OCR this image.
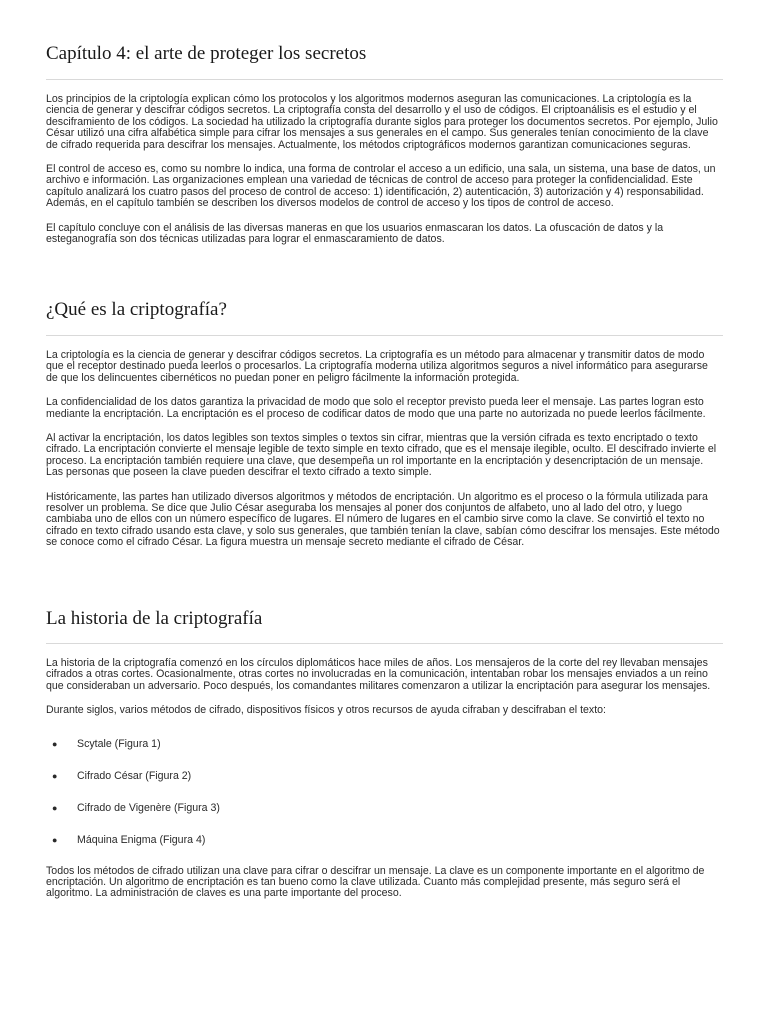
Capítulo 4: el arte de proteger los secretos

Los principios de la criptología explican cómo los protocolos y los algoritmos modernos aseguran las comunicaciones. La criptología es la ciencia de generar y descifrar códigos secretos. La criptografía consta del desarrollo y el uso de códigos. El criptoanálisis es el estudio y el desciframiento de los códigos. La sociedad ha utilizado la criptografía durante siglos para proteger los documentos secretos. Por ejemplo, Julio César utilizó una cifra alfabética simple para cifrar los mensajes a sus generales en el campo. Sus generales tenían conocimiento de la clave de cifrado requerida para descifrar los mensajes. Actualmente, los métodos criptográficos modernos garantizan comunicaciones seguras.

El control de acceso es, como su nombre lo indica, una forma de controlar el acceso a un edificio, una sala, un sistema, una base de datos, un archivo e información. Las organizaciones emplean una variedad de técnicas de control de acceso para proteger la confidencialidad. Este capítulo analizará los cuatro pasos del proceso de control de acceso: 1) identificación, 2) autenticación, 3) autorización y 4) responsabilidad. Además, en el capítulo también se describen los diversos modelos de control de acceso y los tipos de control de acceso.

El capítulo concluye con el análisis de las diversas maneras en que los usuarios enmascaran los datos. La ofuscación de datos y la esteganografía son dos técnicas utilizadas para lograr el enmascaramiento de datos.

¿Qué es la criptografía?

La criptología es la ciencia de generar y descifrar códigos secretos. La criptografía es un método para almacenar y transmitir datos de modo que el receptor destinado pueda leerlos o procesarlos. La criptografía moderna utiliza algoritmos seguros a nivel informático para asegurarse de que los delincuentes cibernéticos no puedan poner en peligro fácilmente la información protegida.

La confidencialidad de los datos garantiza la privacidad de modo que solo el receptor previsto pueda leer el mensaje. Las partes logran esto mediante la encriptación. La encriptación es el proceso de codificar datos de modo que una parte no autorizada no puede leerlos fácilmente.

Al activar la encriptación, los datos legibles son textos simples o textos sin cifrar, mientras que la versión cifrada es texto encriptado o texto cifrado. La encriptación convierte el mensaje legible de texto simple en texto cifrado, que es el mensaje ilegible, oculto. El descifrado invierte el proceso. La encriptación también requiere una clave, que desempeña un rol importante en la encriptación y desencriptación de un mensaje. Las personas que poseen la clave pueden descifrar el texto cifrado a texto simple.

Históricamente, las partes han utilizado diversos algoritmos y métodos de encriptación. Un algoritmo es el proceso o la fórmula utilizada para resolver un problema. Se dice que Julio César aseguraba los mensajes al poner dos conjuntos de alfabeto, uno al lado del otro, y luego cambiaba uno de ellos con un número específico de lugares. El número de lugares en el cambio sirve como la clave. Se convirtió el texto no cifrado en texto cifrado usando esta clave, y solo sus generales, que también tenían la clave, sabían cómo descifrar los mensajes. Este método se conoce como el cifrado César. La figura muestra un mensaje secreto mediante el cifrado de César.

La historia de la criptografía

La historia de la criptografía comenzó en los círculos diplomáticos hace miles de años. Los mensajeros de la corte del rey llevaban mensajes cifrados a otras cortes. Ocasionalmente, otras cortes no involucradas en la comunicación, intentaban robar los mensajes enviados a un reino que consideraban un adversario. Poco después, los comandantes militares comenzaron a utilizar la encriptación para asegurar los mensajes.

Durante siglos, varios métodos de cifrado, dispositivos físicos y otros recursos de ayuda cifraban y descifraban el texto:

● Scytale (Figura 1)
● Cifrado César (Figura 2)
● Cifrado de Vigenère (Figura 3)
● Máquina Enigma (Figura 4)

Todos los métodos de cifrado utilizan una clave para cifrar o descifrar un mensaje. La clave es un componente importante en el algoritmo de encriptación. Un algoritmo de encriptación es tan bueno como la clave utilizada. Cuanto más complejidad presente, más seguro será el algoritmo. La administración de claves es una parte importante del proceso.
